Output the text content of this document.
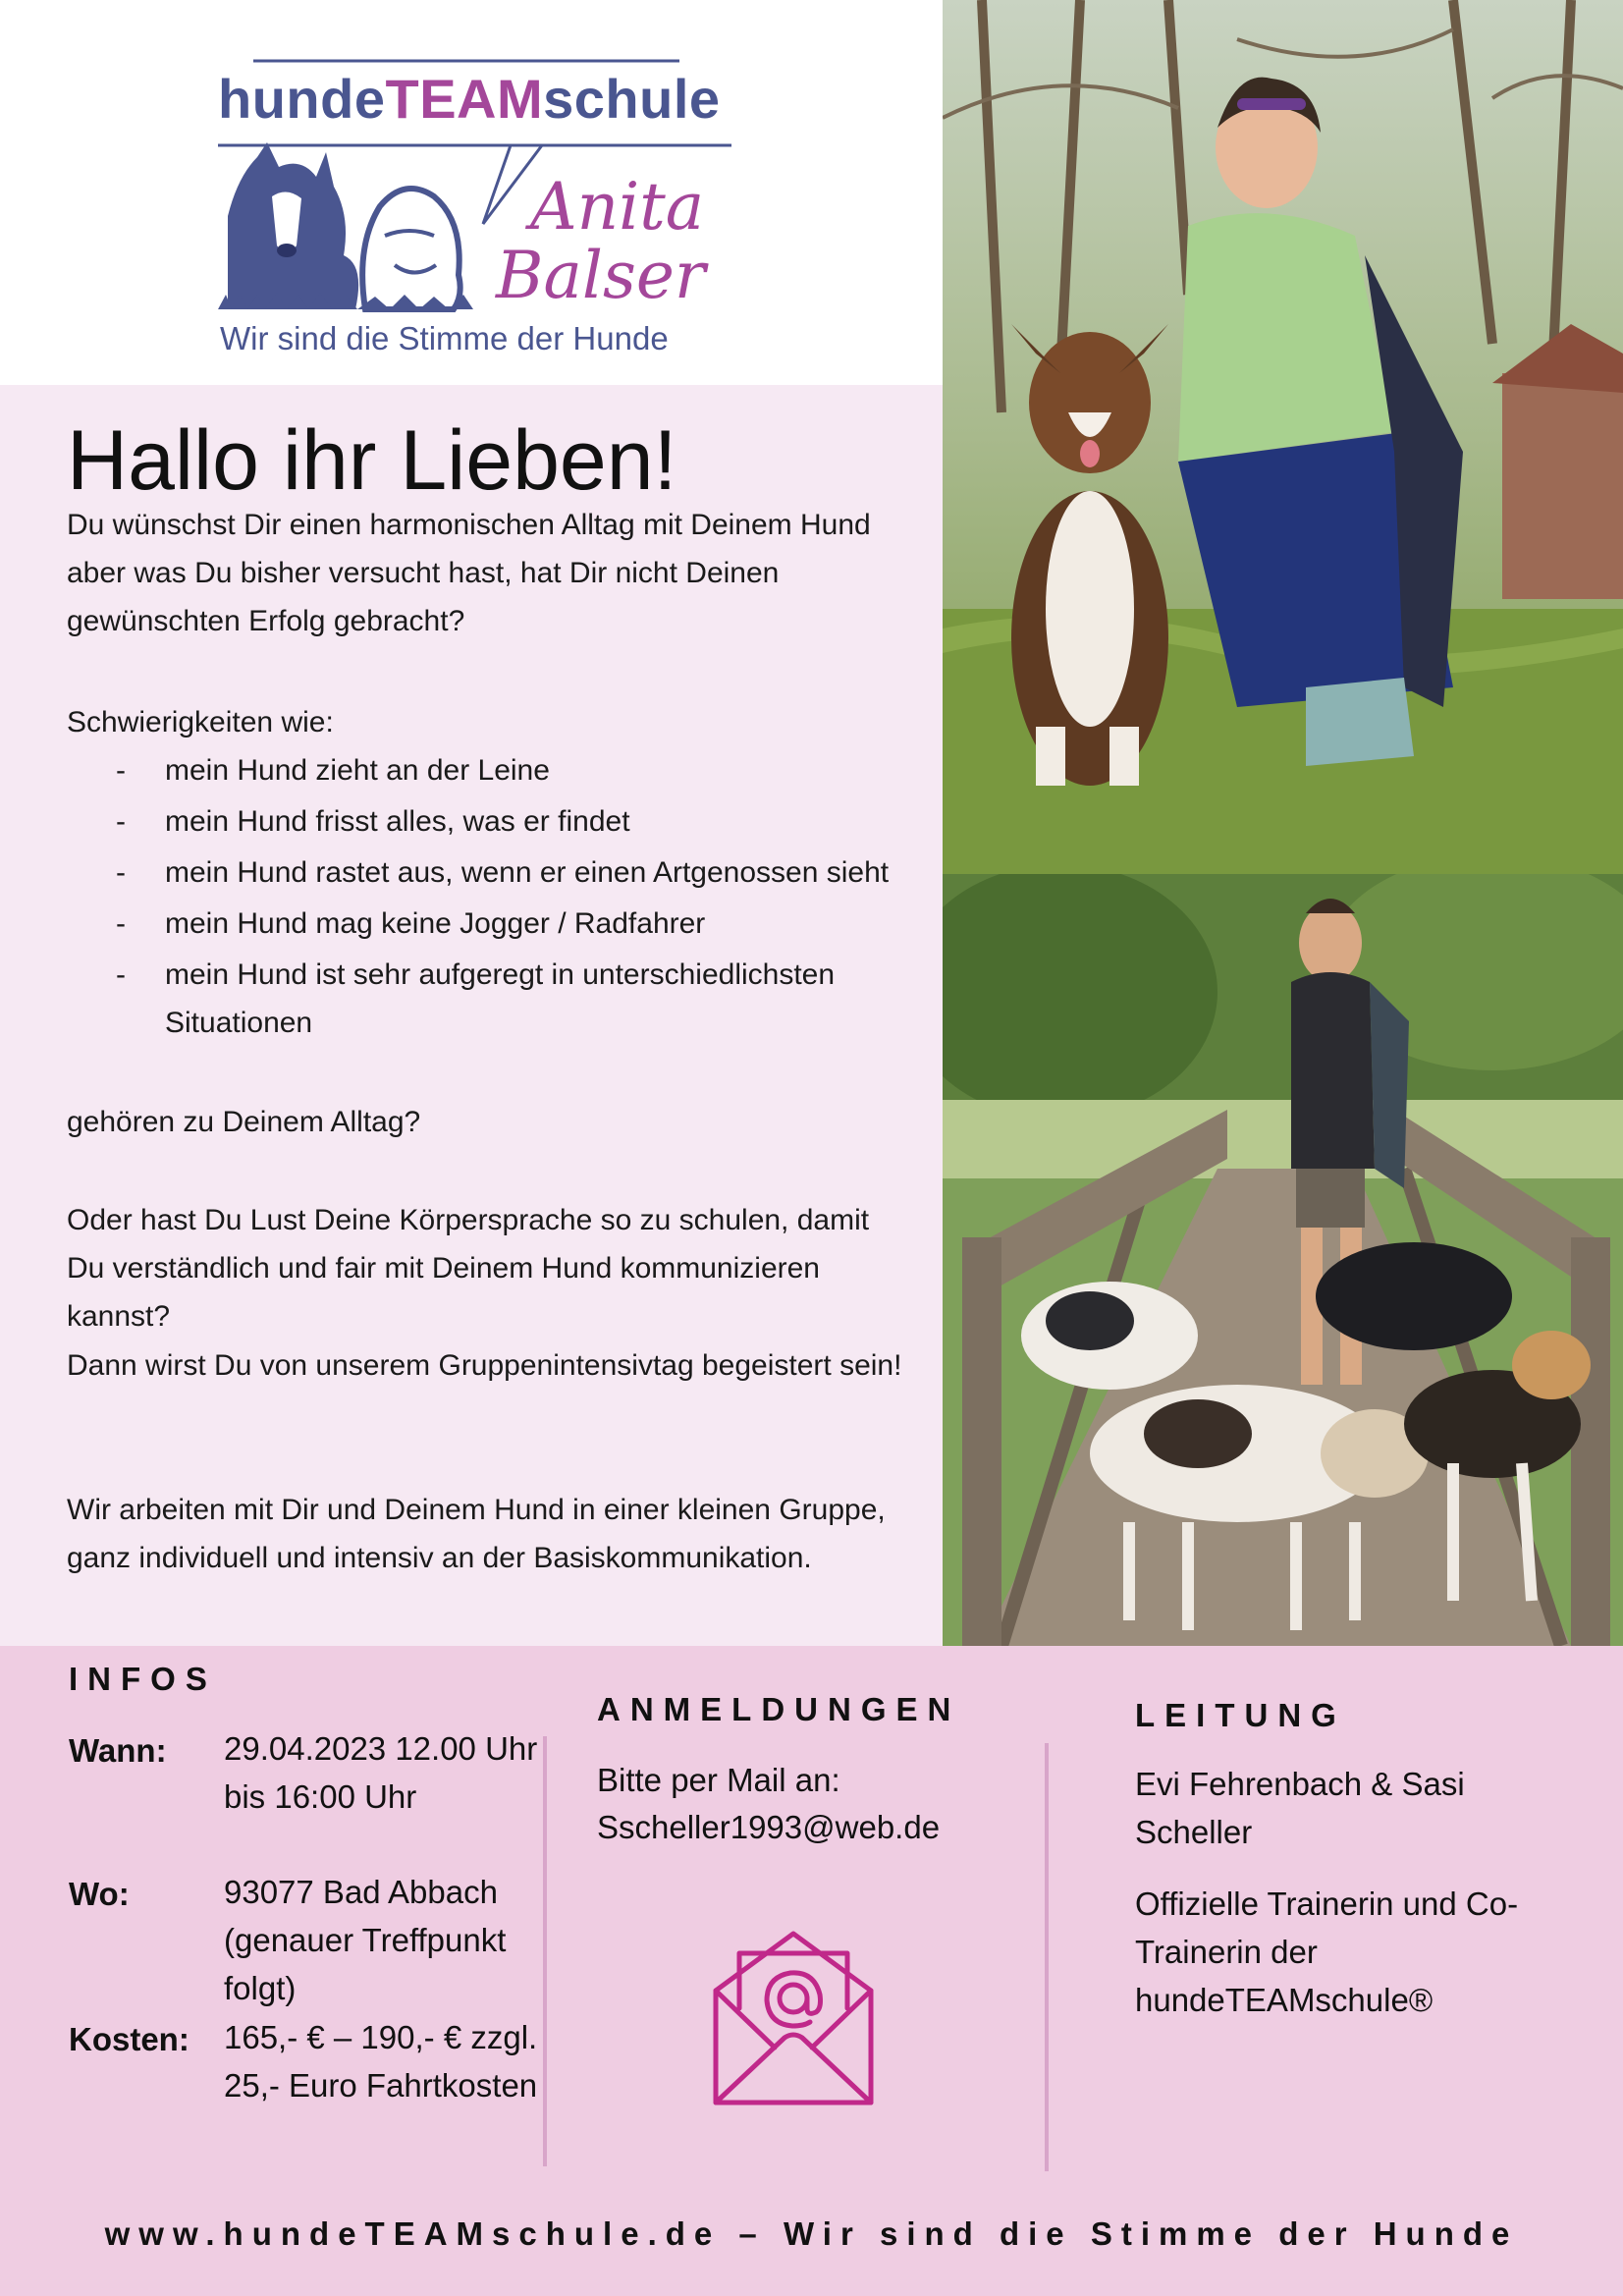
hundeTEAMschule
Anita
Balser
Wir sind die Stimme der Hunde
Hallo ihr Lieben!

Du wünschst Dir einen harmonischen Alltag mit Deinem Hund aber was Du bisher versucht hast, hat Dir nicht Deinen gewünschten Erfolg gebracht?

Schwierigkeiten wie:

- mein Hund zieht an der Leine
- mein Hund frisst alles, was er findet
- mein Hund rastet aus, wenn er einen Artgenossen sieht
- mein Hund mag keine Jogger / Radfahrer
- mein Hund ist sehr aufgeregt in unterschiedlichsten Situationen

gehören zu Deinem Alltag?

Oder hast Du Lust Deine Körpersprache so zu schulen, damit Du verständlich und fair mit Deinem Hund kommunizieren kannst?

Dann wirst Du von unserem Gruppenintensivtag begeistert sein!

Wir arbeiten mit Dir und Deinem Hund in einer kleinen Gruppe, ganz individuell und intensiv an der Basiskommunikation.

INFOS
Wann: 29.04.2023 12.00 Uhr bis 16:00 Uhr
Wo:	93077 Bad Abbach (genauer Treffpunkt folgt)
Kosten: 165,- € – 190,- € zzgl. 25,- Euro Fahrtkosten
ANMELDUNGEN
Bitte per Mail an:
Sscheller1993@web.de
LEITUNG
Evi Fehrenbach & Sasi Scheller
Offizielle Trainerin und Co-Trainerin der hundeTEAMschule®
www.hundeTEAMschule.de – Wir sind die Stimme der Hunde
